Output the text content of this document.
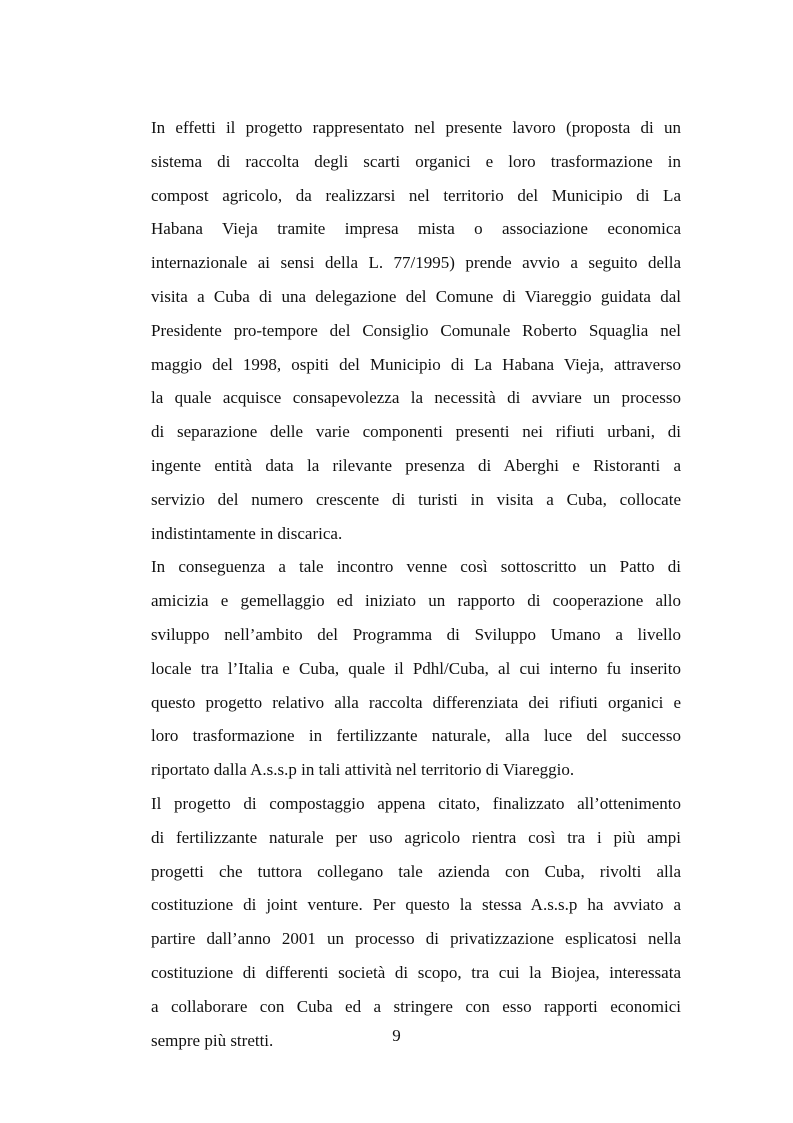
In effetti il progetto rappresentato nel presente lavoro (proposta di un
sistema di raccolta degli scarti organici e loro trasformazione in
compost agricolo, da realizzarsi nel territorio del Municipio di La
Habana Vieja tramite impresa mista o associazione economica
internazionale ai sensi della L. 77/1995) prende avvio a seguito della
visita a Cuba di una delegazione del Comune di Viareggio guidata dal
Presidente pro-tempore del Consiglio Comunale Roberto Squaglia nel
maggio del 1998, ospiti del Municipio di La Habana Vieja, attraverso
la quale acquisce consapevolezza la necessità di avviare un processo
di separazione delle varie componenti presenti nei rifiuti urbani, di
ingente entità data la rilevante presenza di Aberghi e Ristoranti a
servizio del numero crescente di turisti in visita a Cuba, collocate
indistintamente in discarica.
In conseguenza a tale incontro venne così sottoscritto un Patto di
amicizia e gemellaggio ed iniziato un rapporto di cooperazione allo
sviluppo nell’ambito del Programma di Sviluppo Umano a livello
locale tra l’Italia e Cuba, quale il Pdhl/Cuba, al cui interno fu inserito
questo progetto relativo alla raccolta differenziata dei rifiuti organici e
loro trasformazione in fertilizzante naturale, alla luce del successo
riportato dalla A.s.s.p in tali attività nel territorio di Viareggio.
Il progetto di compostaggio appena citato, finalizzato all’ottenimento
di fertilizzante naturale per uso agricolo rientra così tra i più ampi
progetti che tuttora collegano tale azienda con Cuba, rivolti alla
costituzione di joint venture. Per questo la stessa A.s.s.p ha avviato a
partire dall’anno 2001 un processo di privatizzazione esplicatosi nella
costituzione di differenti società di scopo, tra cui la Biojea, interessata
a collaborare con Cuba ed a stringere con esso rapporti economici
sempre più stretti.	9
